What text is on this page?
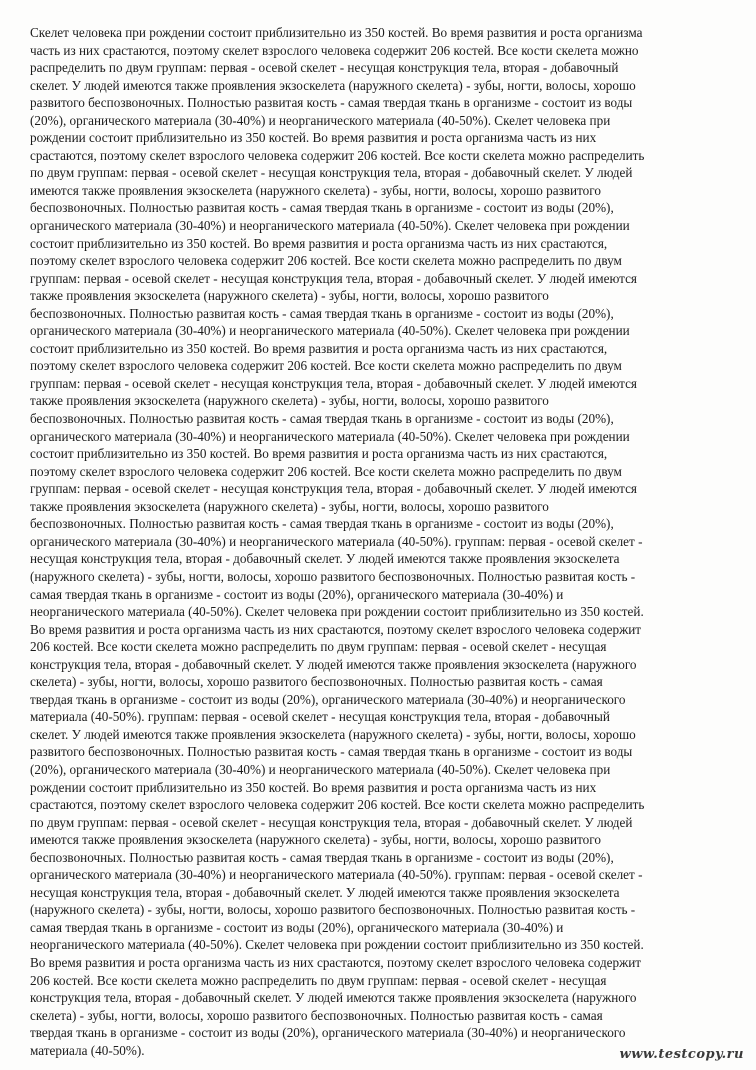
Скелет человека при рождении состоит приблизительно из 350 костей. Во время развития и роста организма
часть из них срастаются, поэтому скелет взрослого человека содержит 206 костей. Все кости скелета можно
распределить по двум группам: первая - осевой скелет - несущая конструкция тела, вторая - добавочный
скелет. У людей имеются также проявления экзоскелета (наружного скелета) - зубы, ногти, волосы, хорошо
развитого беспозвоночных. Полностью развитая кость - самая твердая ткань в организме - состоит из воды
(20%), органического материала (30-40%) и неорганического материала (40-50%). Скелет человека при
рождении состоит приблизительно из 350 костей. Во время развития и роста организма часть из них
срастаются, поэтому скелет взрослого человека содержит 206 костей. Все кости скелета можно распределить
по двум группам: первая - осевой скелет - несущая конструкция тела, вторая - добавочный скелет. У людей
имеются также проявления экзоскелета (наружного скелета) - зубы, ногти, волосы, хорошо развитого
беспозвоночных. Полностью развитая кость - самая твердая ткань в организме - состоит из воды (20%),
органического материала (30-40%) и неорганического материала (40-50%). Скелет человека при рождении
состоит приблизительно из 350 костей. Во время развития и роста организма часть из них срастаются,
поэтому скелет взрослого человека содержит 206 костей. Все кости скелета можно распределить по двум
группам: первая - осевой скелет - несущая конструкция тела, вторая - добавочный скелет. У людей имеются
также проявления экзоскелета (наружного скелета) - зубы, ногти, волосы, хорошо развитого
беспозвоночных. Полностью развитая кость - самая твердая ткань в организме - состоит из воды (20%),
органического материала (30-40%) и неорганического материала (40-50%). Скелет человека при рождении
состоит приблизительно из 350 костей. Во время развития и роста организма часть из них срастаются,
поэтому скелет взрослого человека содержит 206 костей. Все кости скелета можно распределить по двум
группам: первая - осевой скелет - несущая конструкция тела, вторая - добавочный скелет. У людей имеются
также проявления экзоскелета (наружного скелета) - зубы, ногти, волосы, хорошо развитого
беспозвоночных. Полностью развитая кость - самая твердая ткань в организме - состоит из воды (20%),
органического материала (30-40%) и неорганического материала (40-50%). Скелет человека при рождении
состоит приблизительно из 350 костей. Во время развития и роста организма часть из них срастаются,
поэтому скелет взрослого человека содержит 206 костей. Все кости скелета можно распределить по двум
группам: первая - осевой скелет - несущая конструкция тела, вторая - добавочный скелет. У людей имеются
также проявления экзоскелета (наружного скелета) - зубы, ногти, волосы, хорошо развитого
беспозвоночных. Полностью развитая кость - самая твердая ткань в организме - состоит из воды (20%),
органического материала (30-40%) и неорганического материала (40-50%). группам: первая - осевой скелет -
несущая конструкция тела, вторая - добавочный скелет. У людей имеются также проявления экзоскелета
(наружного скелета) - зубы, ногти, волосы, хорошо развитого беспозвоночных. Полностью развитая кость -
самая твердая ткань в организме - состоит из воды (20%), органического материала (30-40%) и
неорганического материала (40-50%). Скелет человека при рождении состоит приблизительно из 350 костей.
Во время развития и роста организма часть из них срастаются, поэтому скелет взрослого человека содержит
206 костей. Все кости скелета можно распределить по двум группам: первая - осевой скелет - несущая
конструкция тела, вторая - добавочный скелет. У людей имеются также проявления экзоскелета (наружного
скелета) - зубы, ногти, волосы, хорошо развитого беспозвоночных. Полностью развитая кость - самая
твердая ткань в организме - состоит из воды (20%), органического материала (30-40%) и неорганического
материала (40-50%). группам: первая - осевой скелет - несущая конструкция тела, вторая - добавочный
скелет. У людей имеются также проявления экзоскелета (наружного скелета) - зубы, ногти, волосы, хорошо
развитого беспозвоночных. Полностью развитая кость - самая твердая ткань в организме - состоит из воды
(20%), органического материала (30-40%) и неорганического материала (40-50%). Скелет человека при
рождении состоит приблизительно из 350 костей. Во время развития и роста организма часть из них
срастаются, поэтому скелет взрослого человека содержит 206 костей. Все кости скелета можно распределить
по двум группам: первая - осевой скелет - несущая конструкция тела, вторая - добавочный скелет. У людей
имеются также проявления экзоскелета (наружного скелета) - зубы, ногти, волосы, хорошо развитого
беспозвоночных. Полностью развитая кость - самая твердая ткань в организме - состоит из воды (20%),
органического материала (30-40%) и неорганического материала (40-50%). группам: первая - осевой скелет -
несущая конструкция тела, вторая - добавочный скелет. У людей имеются также проявления экзоскелета
(наружного скелета) - зубы, ногти, волосы, хорошо развитого беспозвоночных. Полностью развитая кость -
самая твердая ткань в организме - состоит из воды (20%), органического материала (30-40%) и
неорганического материала (40-50%). Скелет человека при рождении состоит приблизительно из 350 костей.
Во время развития и роста организма часть из них срастаются, поэтому скелет взрослого человека содержит
206 костей. Все кости скелета можно распределить по двум группам: первая - осевой скелет - несущая
конструкция тела, вторая - добавочный скелет. У людей имеются также проявления экзоскелета (наружного
скелета) - зубы, ногти, волосы, хорошо развитого беспозвоночных. Полностью развитая кость - самая
твердая ткань в организме - состоит из воды (20%), органического материала (30-40%) и неорганического
материала (40-50%).	www.testcopy.ru
